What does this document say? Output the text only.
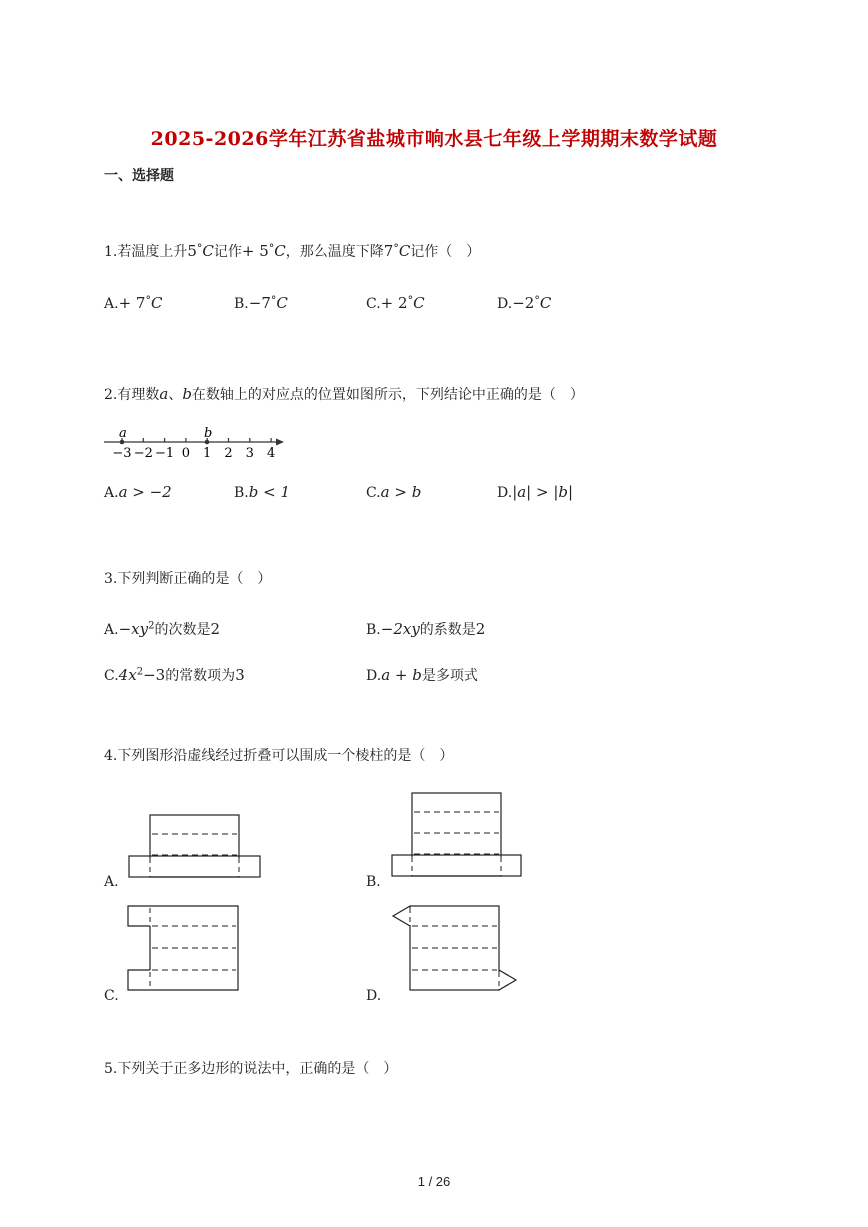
2025-2026学年江苏省盐城市响水县七年级上学期期末数学试题
一、选择题
1.若温度上升5°C记作+ 5°C，那么温度下降7°C记作（　）
A.+ 7°C	B.−7°C	C.+ 2°C	D.−2°C
2.有理数a、b在数轴上的对应点的位置如图所示，下列结论中正确的是（　）
−3 −2 −1 0 1 2 3 4
a	b
A.a > −2	B.b < 1	C.a > b	D.|a| > |b|
3.下列判断正确的是（　）
$A.-xy^2$的次数是2	B.−2xy的系数是2
$C.4x^2-3$的常数项为3	D.a + b是多项式
4.下列图形沿虚线经过折叠可以围成一个棱柱的是（　）
A.	B.
C.	D.
5.下列关于正多边形的说法中，正确的是（　）
1 / 26
